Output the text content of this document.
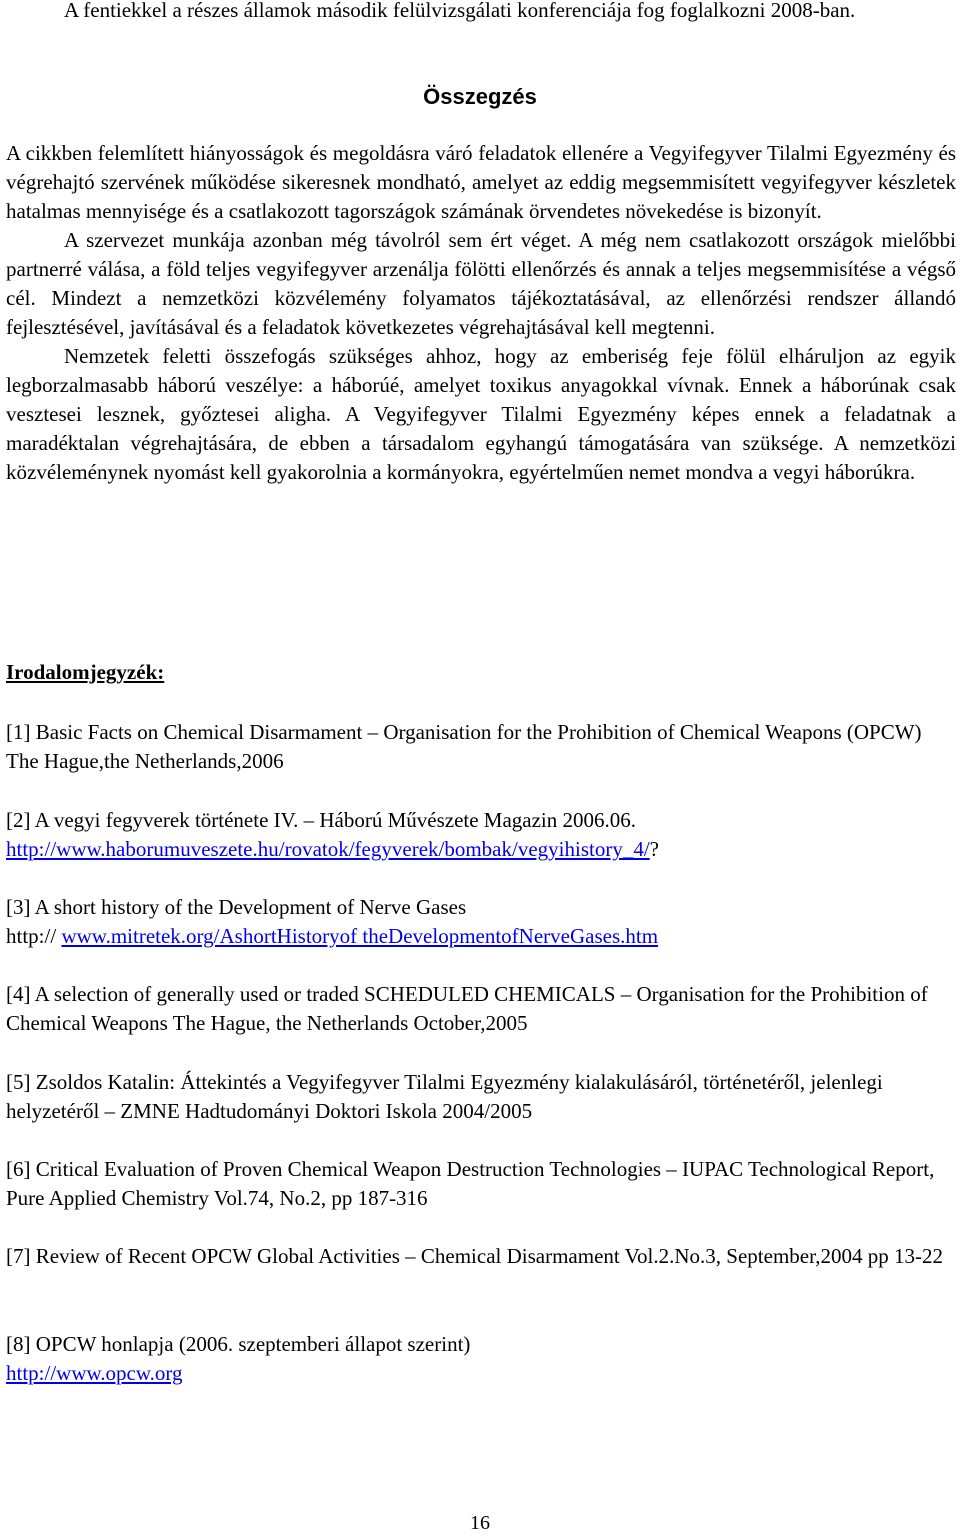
A fentiekkel a részes államok második felülvizsgálati konferenciája fog foglalkozni 2008-ban.

Összegzés
A cikkben felemlített hiányosságok és megoldásra váró feladatok ellenére a Vegyifegyver Tilalmi Egyezmény és végrehajtó szervének működése sikeresnek mondható, amelyet az eddig megsemmisített vegyifegyver készletek hatalmas mennyisége és a csatlakozott tagországok számának örvendetes növekedése is bizonyít.
A szervezet munkája azonban még távolról sem ért véget. A még nem csatlakozott országok mielőbbi partnerré válása, a föld teljes vegyifegyver arzenálja fölötti ellenőrzés és annak a teljes megsemmisítése a végső cél. Mindezt a nemzetközi közvélemény folyamatos tájékoztatásával, az ellenőrzési rendszer állandó fejlesztésével, javításával és a feladatok következetes végrehajtásával kell megtenni.
Nemzetek feletti összefogás szükséges ahhoz, hogy az emberiség feje fölül elháruljon az egyik legborzalmasabb háború veszélye: a háborúé, amelyet toxikus anyagokkal vívnak. Ennek a háborúnak csak vesztesei lesznek, győztesei aligha. A Vegyifegyver Tilalmi Egyezmény képes ennek a feladatnak a maradéktalan végrehajtására, de ebben a társadalom egyhangú támogatására van szüksége. A nemzetközi közvéleménynek nyomást kell gyakorolnia a kormányokra, egyértelműen nemet mondva a vegyi háborúkra.
Irodalomjegyzék:
[1] Basic Facts on Chemical Disarmament – Organisation for the Prohibition of Chemical Weapons (OPCW) The Hague,the Netherlands,2006
[2] A vegyi fegyverek története IV. – Háború Művészete Magazin 2006.06.
http://www.haborumuveszete.hu/rovatok/fegyverek/bombak/vegyihistory_4/?
[3] A short history of the Development of Nerve Gases
http:// www.mitretek.org/AshortHistoryof theDevelopmentofNerveGases.htm
[4] A selection of generally used or traded SCHEDULED CHEMICALS – Organisation for the Prohibition of Chemical Weapons The Hague, the Netherlands October,2005
[5] Zsoldos Katalin: Áttekintés a Vegyifegyver Tilalmi Egyezmény kialakulásáról, történetéről, jelenlegi helyzetéről – ZMNE Hadtudományi Doktori Iskola 2004/2005
[6] Critical Evaluation of Proven Chemical Weapon Destruction Technologies – IUPAC Technological Report, Pure Applied Chemistry Vol.74, No.2, pp 187-316
[7] Review of Recent OPCW Global Activities – Chemical Disarmament Vol.2.No.3, September,2004 pp 13-22
[8] OPCW honlapja (2006. szeptemberi állapot szerint)
http://www.opcw.org
16
